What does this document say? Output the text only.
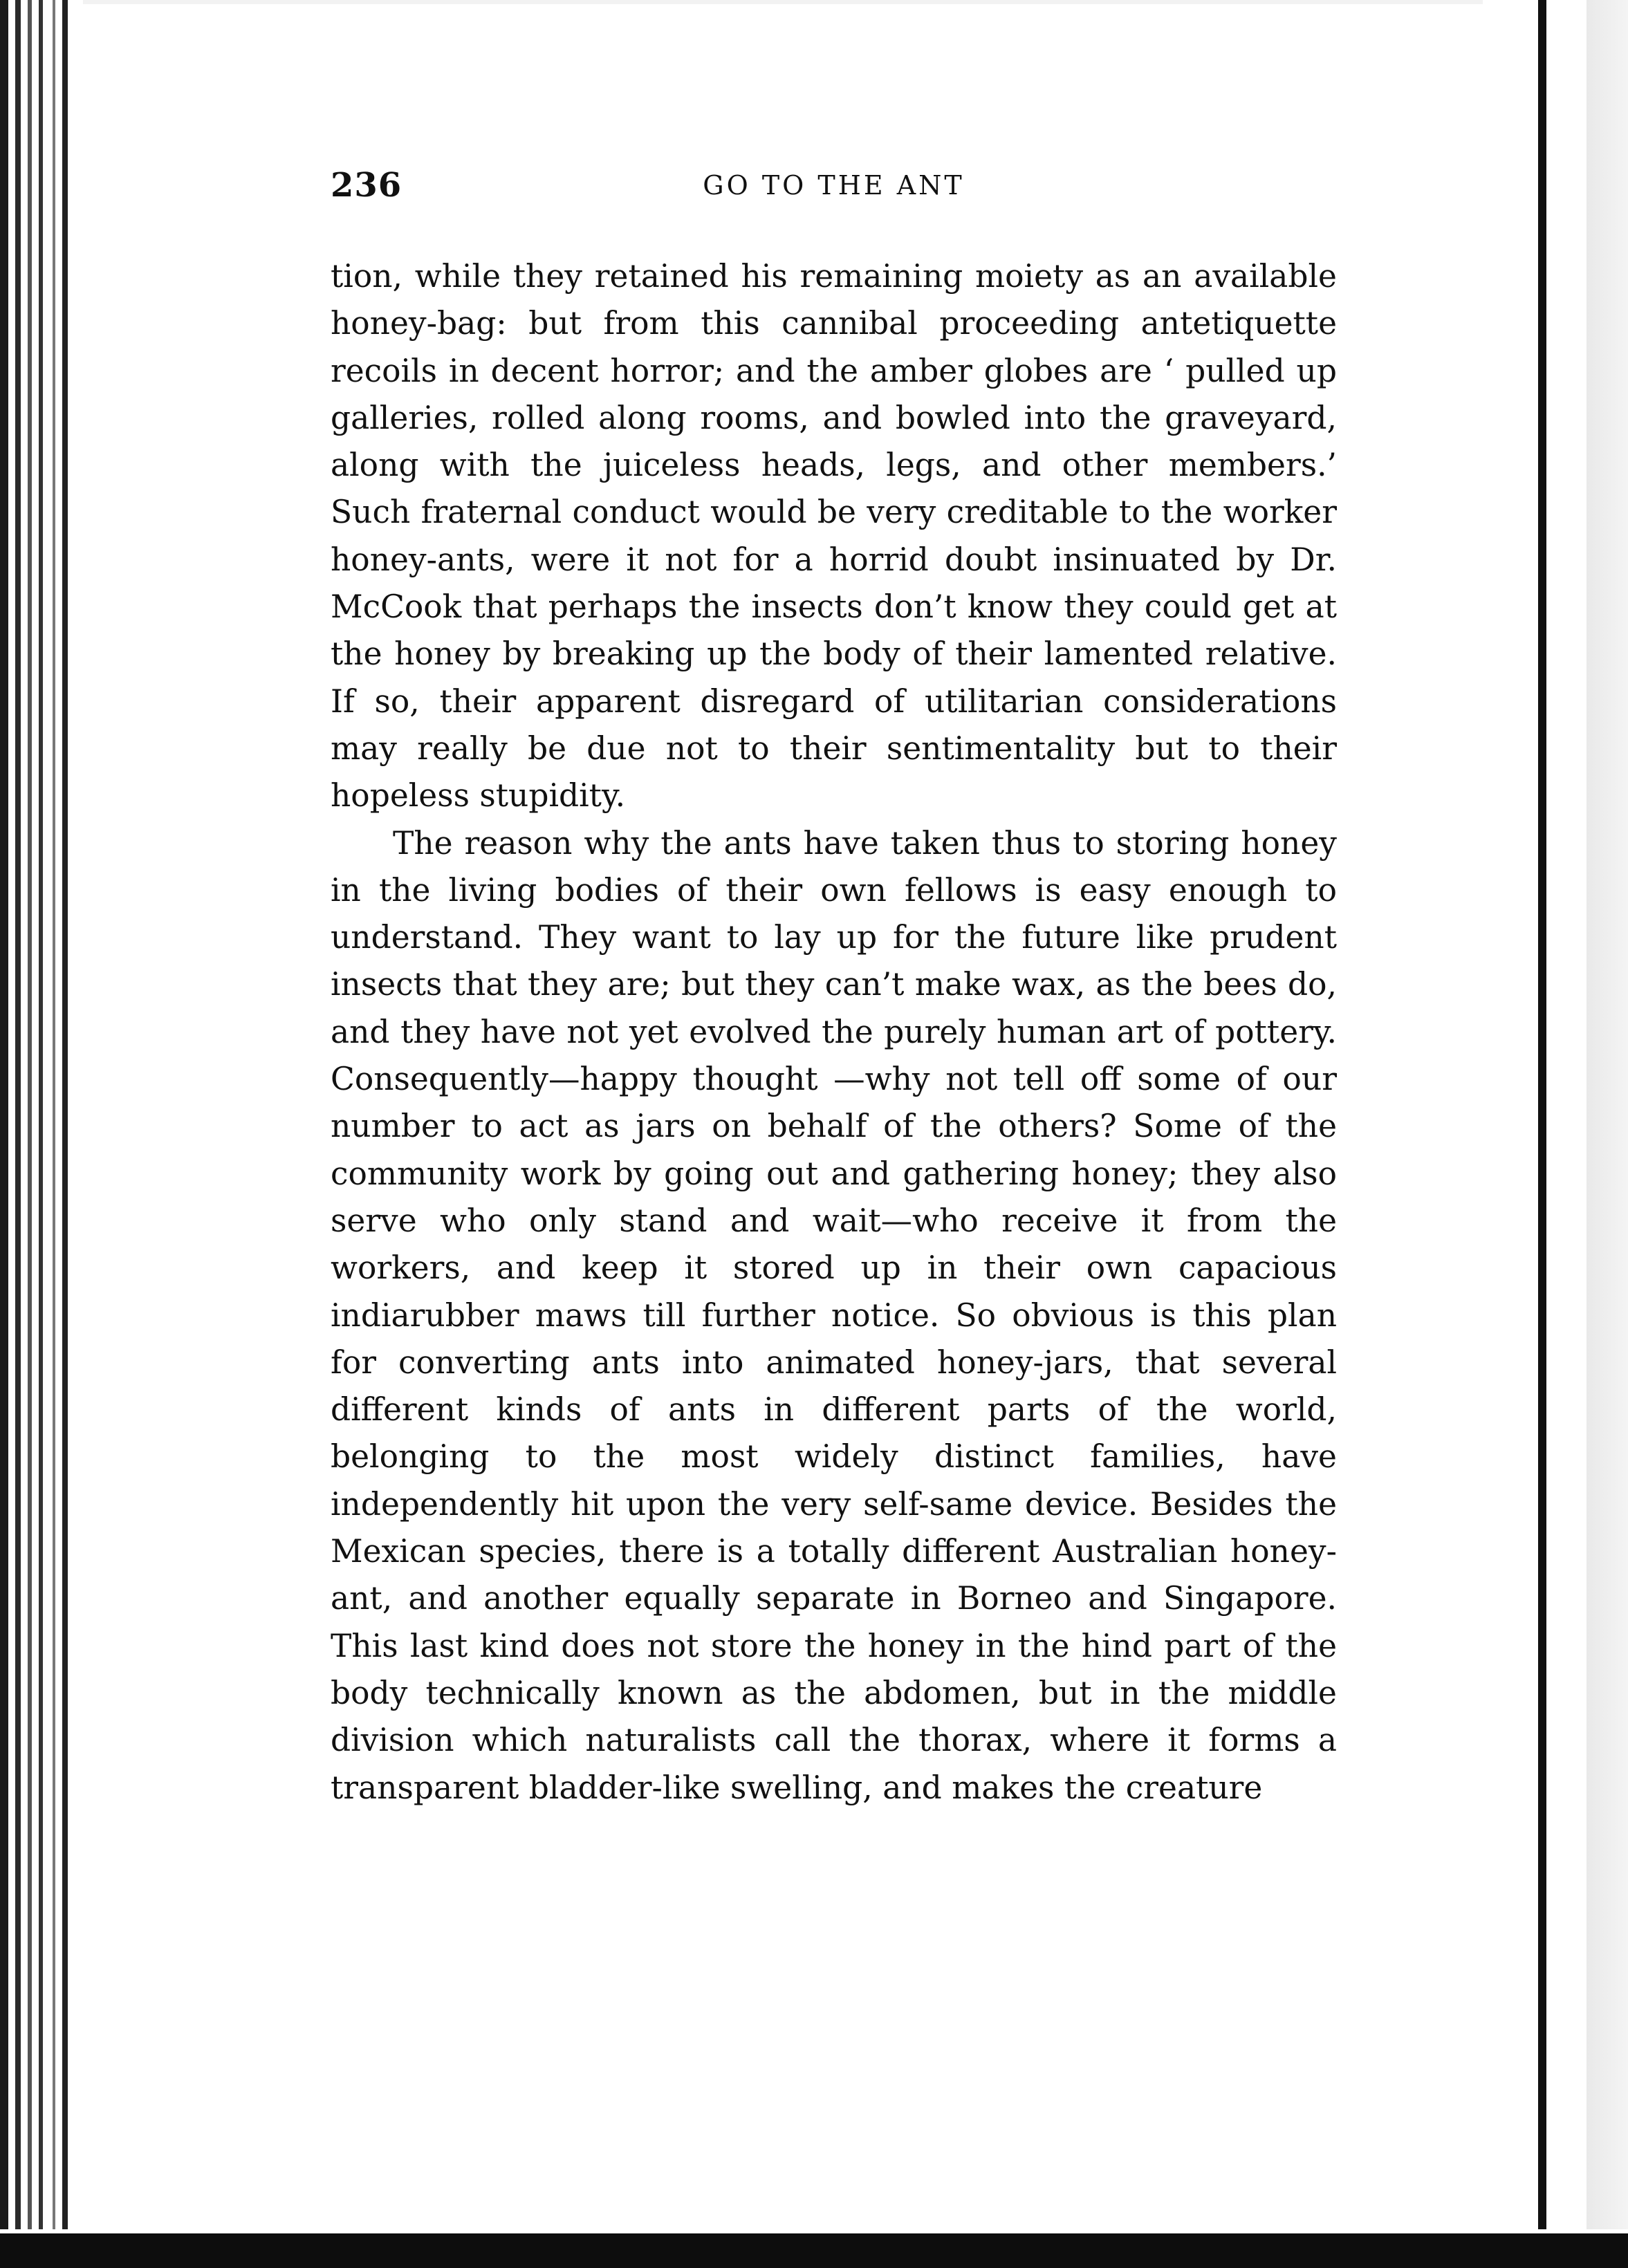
236	GO TO THE ANT

tion, while they retained his remaining moiety as an available honey-bag: but from this cannibal proceeding antetiquette recoils in decent horror; and the amber globes are ‘ pulled up galleries, rolled along rooms, and bowled into the graveyard, along with the juiceless heads, legs, and other members.’ Such fraternal conduct would be very creditable to the worker honey-ants, were it not for a horrid doubt insinuated by Dr. McCook that perhaps the insects don’t know they could get at the honey by breaking up the body of their lamented relative. If so, their apparent disregard of utilitarian considerations may really be due not to their sentimentality but to their hopeless stupidity.

The reason why the ants have taken thus to storing honey in the living bodies of their own fellows is easy enough to understand. They want to lay up for the future like prudent insects that they are; but they can’t make wax, as the bees do, and they have not yet evolved the purely human art of pottery. Consequently—happy thought —why not tell off some of our number to act as jars on behalf of the others? Some of the community work by going out and gathering honey; they also serve who only stand and wait—who receive it from the workers, and keep it stored up in their own capacious indiarubber maws till further notice. So obvious is this plan for converting ants into animated honey-jars, that several different kinds of ants in different parts of the world, belonging to the most widely distinct families, have independently hit upon the very self-same device. Besides the Mexican species, there is a totally different Australian honey-ant, and another equally separate in Borneo and Singapore. This last kind does not store the honey in the hind part of the body technically known as the abdomen, but in the middle division which naturalists call the thorax, where it forms a transparent bladder-like swelling, and makes the creature
